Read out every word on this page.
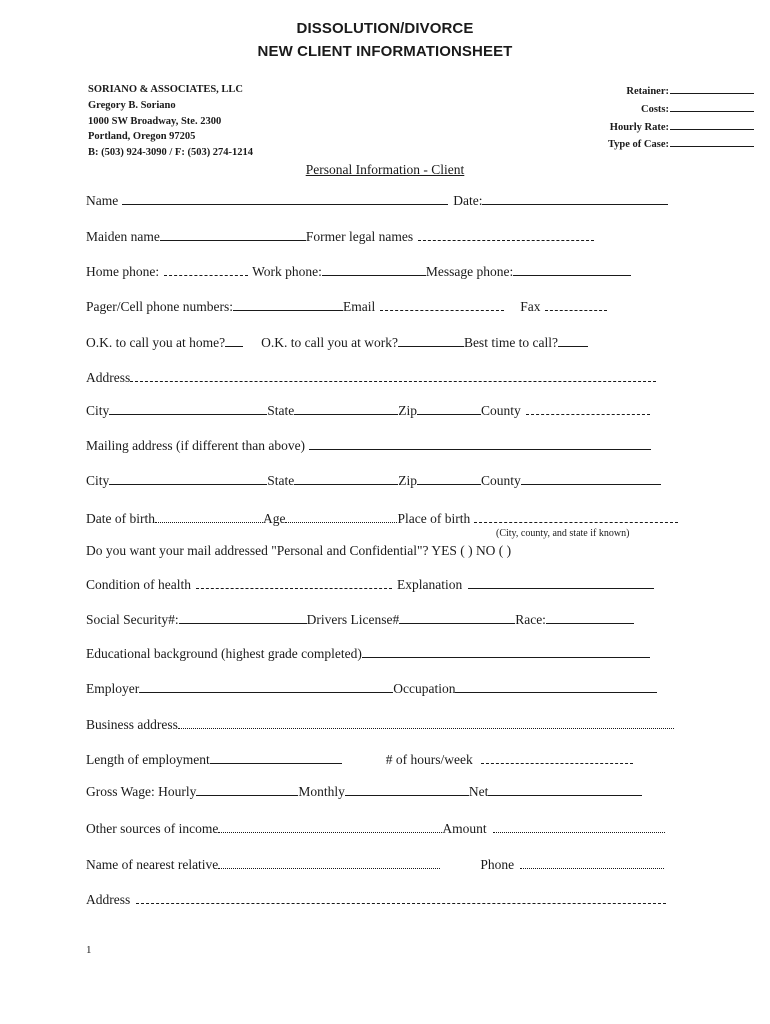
DISSOLUTION/DIVORCE
NEW CLIENT INFORMATIONSHEET
SORIANO & ASSOCIATES, LLC
Gregory B. Soriano
1000 SW Broadway, Ste. 2300
Portland, Oregon 97205
B: (503) 924-3090 / F: (503) 274-1214
Retainer:
Costs:
Hourly Rate:
Type of Case:
Personal Information - Client
Name	Date:
Maiden name	Former legal names
Home phone:	Work phone:	Message phone:
Pager/Cell phone numbers:	Email	Fax
O.K. to call you at home?	O.K. to call you at work?	Best time to call?
Address
City	State	Zip	County
Mailing address (if different than above)
City	State	Zip	County
Date of birth	Age	Place of birth
(City, county, and state if known)
Do you want your mail addressed "Personal and Confidential"? YES ( ) NO ( )
Condition of health	Explanation
Social Security#:	Drivers License#	Race:
Educational background (highest grade completed)
Employer	Occupation
Business address
Length of employment	# of hours/week
Gross Wage: Hourly	Monthly	Net
Other sources of income	Amount
Name of nearest relative	Phone
Address
1
